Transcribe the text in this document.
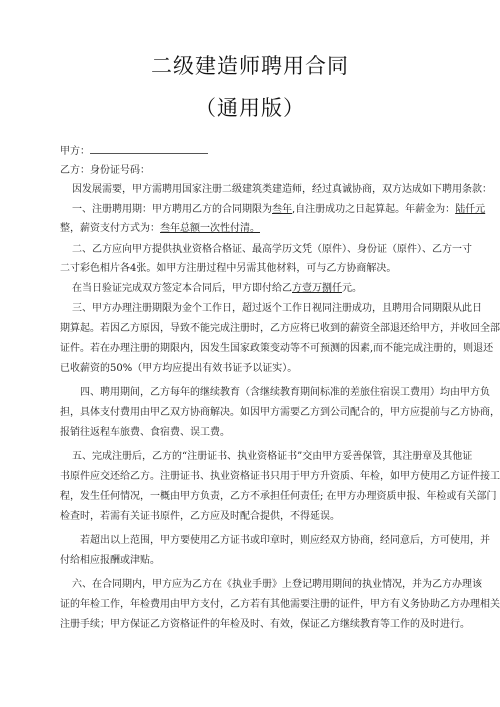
二级建造师聘用合同
（通用版）
甲方：
乙方：身份证号码：
因发展需要，甲方需聘用国家注册二级建筑类建造师，经过真诚协商，双方达成如下聘用条款：
一、注册聘用期：甲方聘用乙方的合同期限为叁年,自注册成功之日起算起。年薪金为：陆仟元
整，薪资支付方式为：叁年总额一次性付清。
二、乙方应向甲方提供执业资格合格证、最高学历文凭（原件）、身份证（原件）、乙方一寸
二寸彩色相片各4张。如甲方注册过程中另需其他材料，可与乙方协商解决。
在当日验证完成双方签定本合同后，甲方即付给乙方壹万捌仟元。
三、甲方办理注册期限为金个工作日，超过返个工作日视同注册成功，且聘用合同期限从此日
期算起。若因乙方原因，导致不能完成注册时，乙方应将已收到的薪资全部退还给甲方，并收回全部
证件。若在办理注册的期限内，因发生国家政策变动等不可预测的因素,而不能完成注册的，则退还
已收薪资的50%（甲方均应提出有效书证予以证实）。
四、聘用期间，乙方每年的继续教育（含继续教育期间标准的差旅住宿误工费用）均由甲方负
担，具体支付费用由甲乙双方协商解决。如因甲方需要乙方到公司配合的，甲方应提前与乙方协商，
报销往返程车旅费、食宿费、误工费。
五、完成注册后，乙方的“注册证书、执业资格证书”交由甲方妥善保管，其注册章及其他证
书原件应交还给乙方。注册证书、执业资格证书只用于甲方升资质、年检，如甲方使用乙方证件接工
程，发生任何情况，一概由甲方负责，乙方不承担任何责任; 在甲方办理资质申报、年检或有关部门
检查时，若需有关证书原件，乙方应及时配合提供，不得延误。
若超出以上范围，甲方要使用乙方证书或印章时，则应经双方协商，经同意后，方可使用，并
付给相应报酬或津贴。
六、在合同期内，甲方应为乙方在《执业手册》上登记聘用期间的执业情况，并为乙方办理该
证的年检工作，年检费用由甲方支付，乙方若有其他需要注册的证件，甲方有义务协助乙方办理相关
注册手续；甲方保证乙方资格证件的年检及时、有效，保证乙方继续教育等工作的及时进行。
